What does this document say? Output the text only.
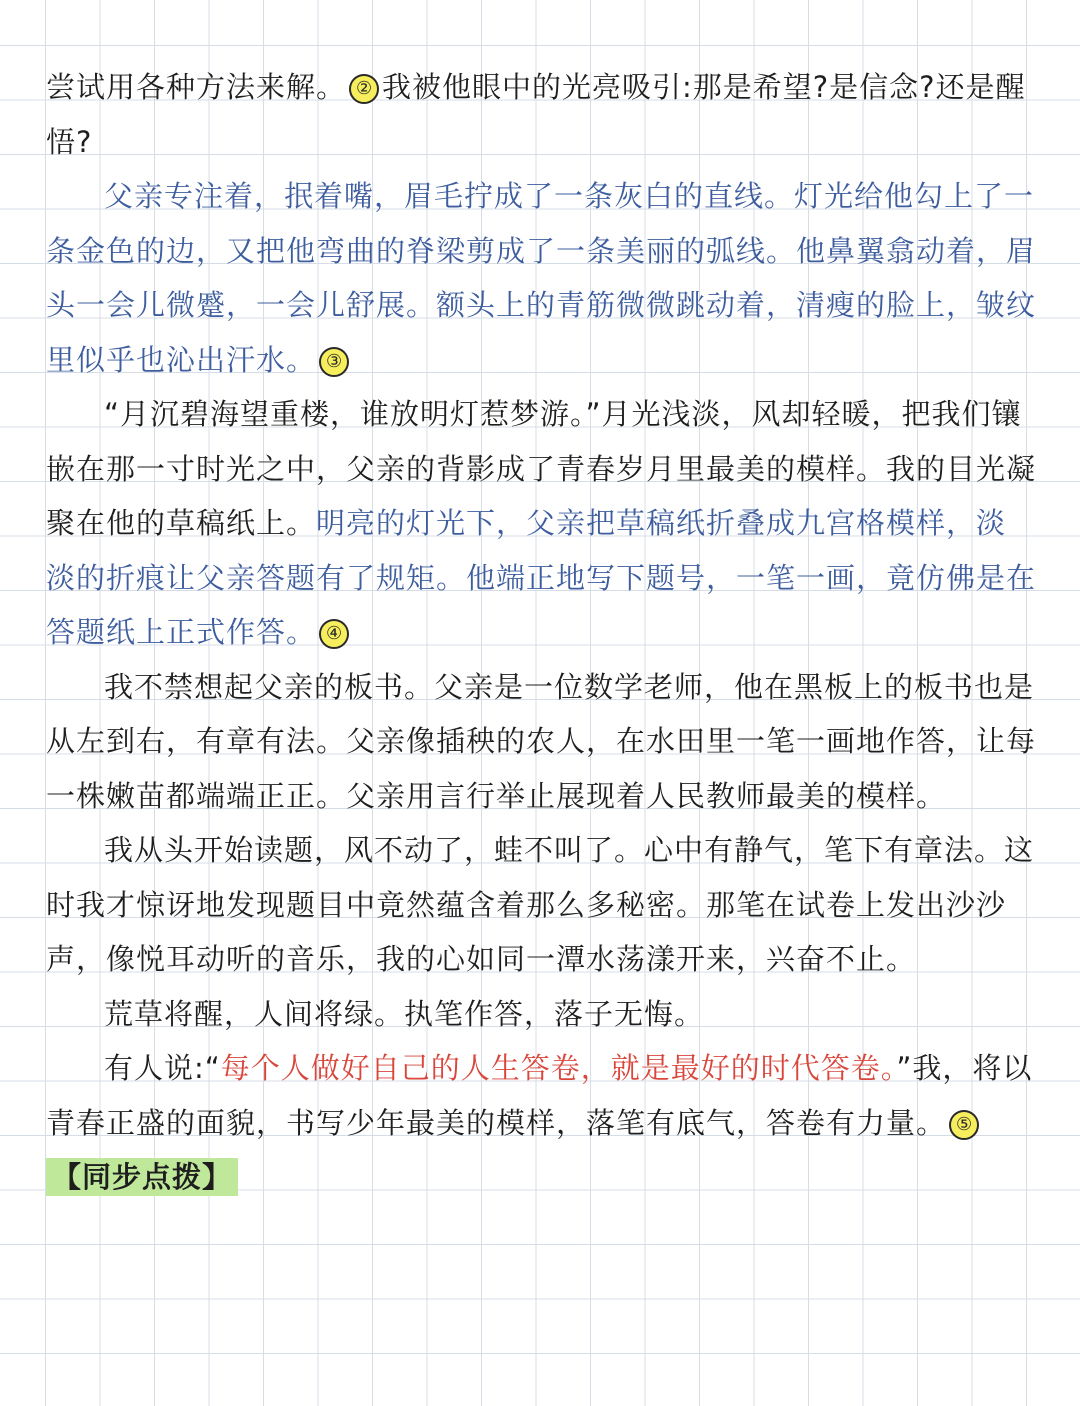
尝试用各种方法来解。 ② 我被他眼中的光亮吸引:那是希望?是信念?还是醒悟?

父亲专注着，抿着嘴，眉毛拧成了一条灰白的直线。灯光给他勾上了一条金色的边，又把他弯曲的脊梁剪成了一条美丽的弧线。他鼻翼翕动着，眉头一会儿微蹙，一会儿舒展。额头上的青筋微微跳动着，清瘦的脸上，皱纹里似乎也沁出汗水。 ③

“月沉碧海望重楼，谁放明灯惹梦游。”月光浅淡，风却轻暖，把我们镶嵌在那一寸时光之中，父亲的背影成了青春岁月里最美的模样。我的目光凝聚在他的草稿纸上。明亮的灯光下，父亲把草稿纸折叠成九宫格模样，淡淡的折痕让父亲答题有了规矩。他端正地写下题号，一笔一画，竟仿佛是在答题纸上正式作答。 ④

我不禁想起父亲的板书。父亲是一位数学老师，他在黑板上的板书也是从左到右，有章有法。父亲像插秧的农人，在水田里一笔一画地作答，让每一株嫩苗都端端正正。父亲用言行举止展现着人民教师最美的模样。

我从头开始读题，风不动了，蛙不叫了。心中有静气，笔下有章法。这时我才惊讶地发现题目中竟然蕴含着那么多秘密。那笔在试卷上发出沙沙声，像悦耳动听的音乐，我的心如同一潭水荡漾开来，兴奋不止。

荒草将醒，人间将绿。执笔作答，落子无悔。

有人说:“每个人做好自己的人生答卷，就是最好的时代答卷。”我，将以青春正盛的面貌，书写少年最美的模样，落笔有底气，答卷有力量。 ⑤

【同步点拨】
